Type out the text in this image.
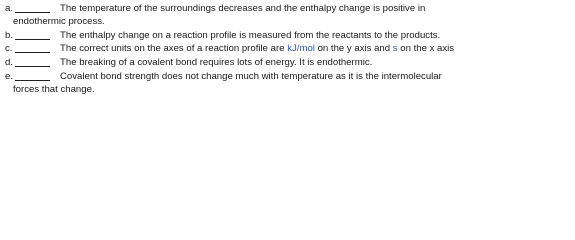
a.	The temperature of the surroundings decreases and the enthalpy change is positive in
endothermic process.
b.	The enthalpy change on a reaction profile is measured from the reactants to the products.
c.	The correct units on the axes of a reaction profile are kJ/mol on the y axis and s on the x axis
d.	The breaking of a covalent bond requires lots of energy. It is endothermic.
e.	Covalent bond strength does not change much with temperature as it is the intermolecular
forces that change.
